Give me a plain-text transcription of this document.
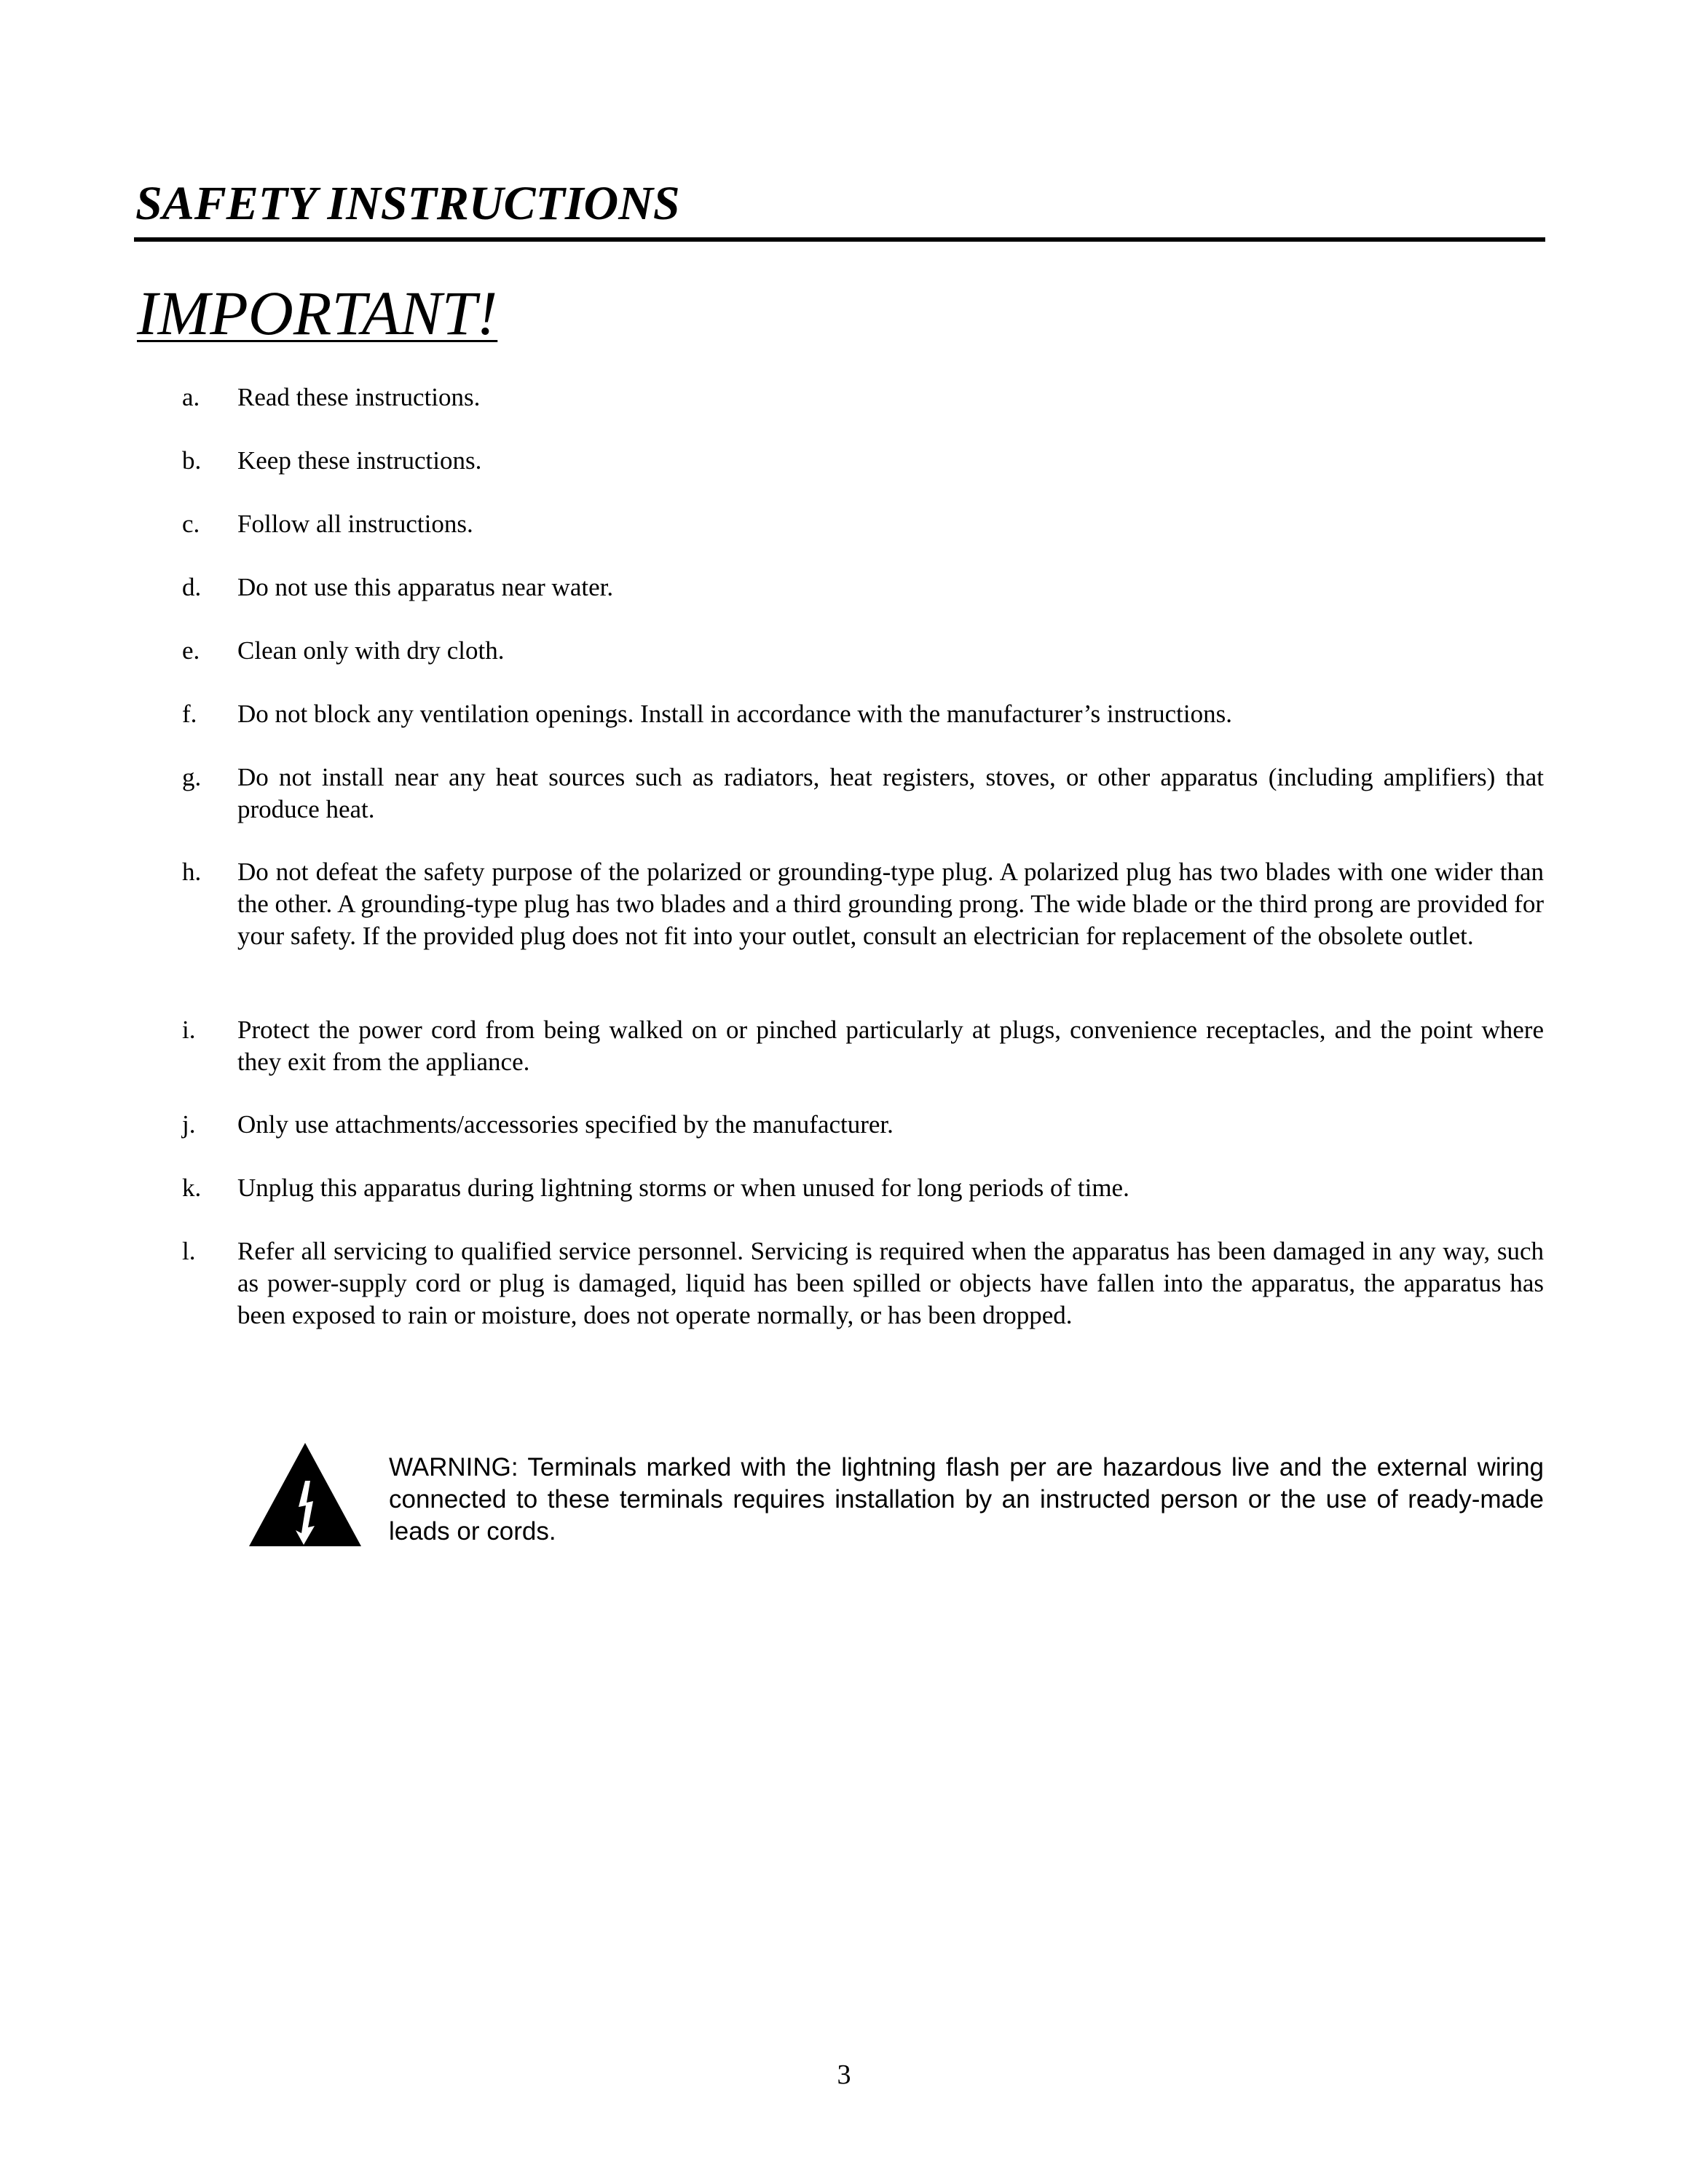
SAFETY INSTRUCTIONS
IMPORTANT!
a.	Read these instructions.
b.	Keep these instructions.
c.	Follow all instructions.
d.	Do not use this apparatus near water.
e.	Clean only with dry cloth.
f.	Do not block any ventilation openings. Install in accordance with the manufacturer’s instructions.
g.	Do not install near any heat sources such as radiators, heat registers, stoves, or other apparatus (including amplifiers) that produce heat.
h.	Do not defeat the safety purpose of the polarized or grounding-type plug. A polarized plug has two blades with one wider than the other. A grounding-type plug has two blades and a third grounding prong. The wide blade or the third prong are provided for your safety. If the provided plug does not fit into your outlet, consult an electrician for replacement of the obsolete outlet.
i.	Protect the power cord from being walked on or pinched particularly at plugs, convenience receptacles, and the point where they exit from the appliance.
j.	Only use attachments/accessories specified by the manufacturer.
k.	Unplug this apparatus during lightning storms or when unused for long periods of time.
l.	Refer all servicing to qualified service personnel. Servicing is required when the apparatus has been damaged in any way, such as power-supply cord or plug is damaged, liquid has been spilled or objects have fallen into the apparatus, the apparatus has been exposed to rain or moisture, does not operate normally, or has been dropped.
WARNING: Terminals marked with the lightning flash per are hazardous live and the external wiring connected to these terminals requires installation by an instructed person or the use of ready-made leads or cords.
3
